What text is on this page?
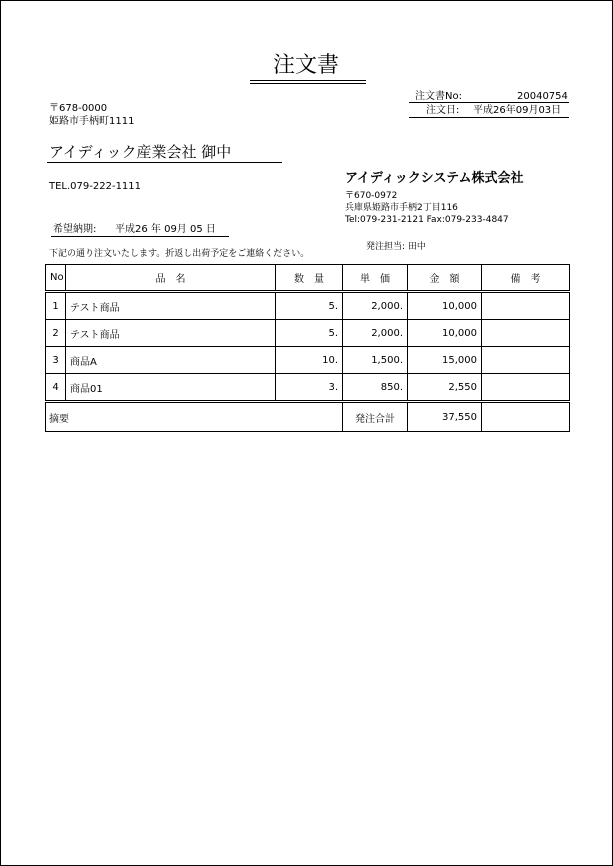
注文書
注文書No:	20040754
注文日: 平成26年09月03日
〒678-0000
姫路市手柄町1111
アイディック産業会社 御中
TEL.079-222-1111
アイディックシステム株式会社
〒670-0972
兵庫県姫路市手柄2丁目116
Tel:079-231-2121 Fax:079-233-4847
希望納期: 平成26 年 09月 05 日
下記の通り注文いたします。折返し出荷予定をご連絡ください。
発注担当: 田中
No	品　名	数　量	単　価	金　額	備　考
1	テスト商品	5.	2,000.	10,000	
2	テスト商品	5.	2,000.	10,000	
3	商品A	10.	1,500.	15,000	
4	商品01	3.	850.	2,550	
摘要			発注合計	37,550	
